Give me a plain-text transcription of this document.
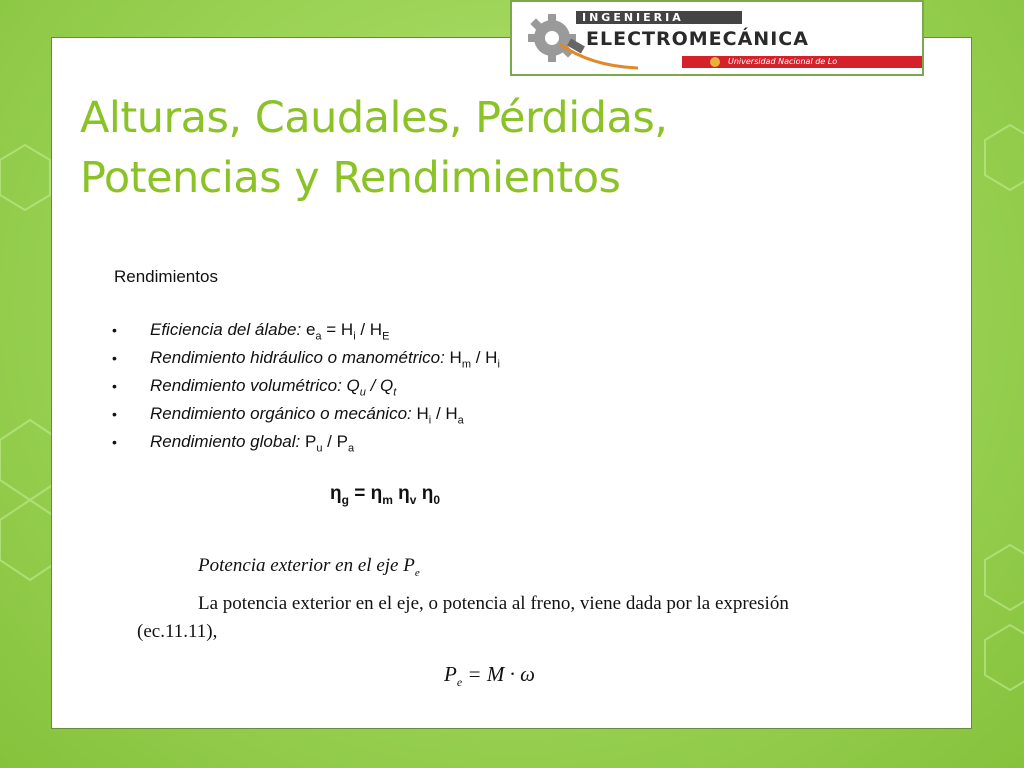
INGENIERIA
ELECTROMECÁNICA
Universidad Nacional de Lo
Alturas, Caudales, Pérdidas,
Potencias y Rendimientos
Rendimientos
• Eficiencia del álabe: $e_a = H_i / H_E$
• Rendimiento hidráulico o manométrico: $H_m / H_i$
• Rendimiento volumétrico: $Q_u / Q_t$
• Rendimiento orgánico o mecánico: $H_i / H_a$
• Rendimiento global: $P_u / P_a$
$\eta_g = \eta_m$ $\eta_v$ $\eta_0$
Potencia exterior en el eje $P_e$
La potencia exterior en el eje, o potencia al freno, viene dada por la expresión (ec.11.11),
$P_e = M \cdot \omega$
